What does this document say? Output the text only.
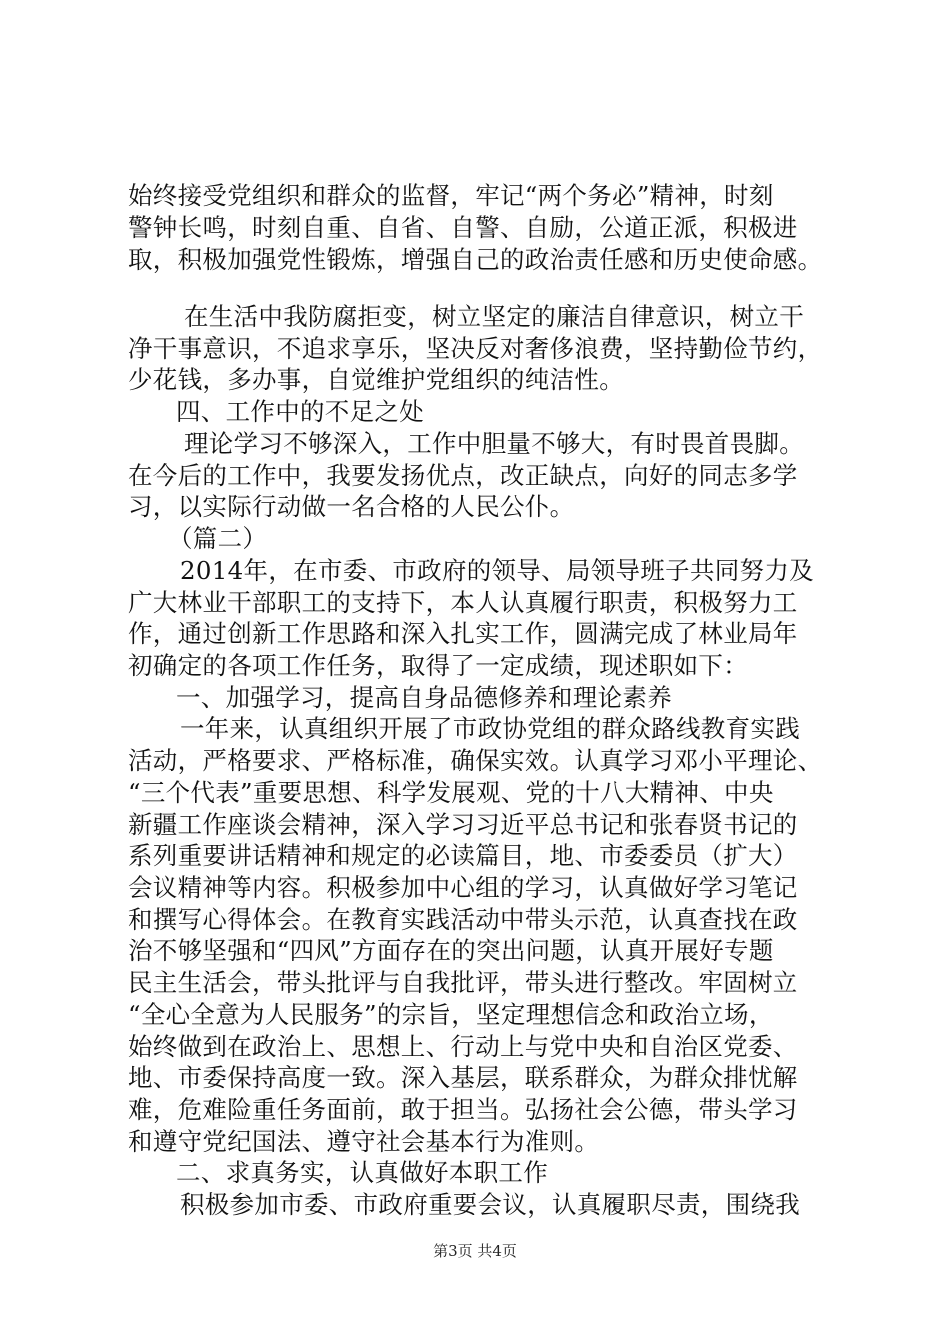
始终接受党组织和群众的监督，牢记“两个务必”精神，时刻
警钟长鸣，时刻自重、自省、自警、自励，公道正派，积极进
取，积极加强党性锻炼，增强自己的政治责任感和历史使命感。
在生活中我防腐拒变，树立坚定的廉洁自律意识，树立干
净干事意识，不追求享乐，坚决反对奢侈浪费，坚持勤俭节约，
少花钱，多办事，自觉维护党组织的纯洁性。
四、工作中的不足之处
理论学习不够深入，工作中胆量不够大，有时畏首畏脚。
在今后的工作中，我要发扬优点，改正缺点，向好的同志多学
习，以实际行动做一名合格的人民公仆。
（篇二）
2014年，在市委、市政府的领导、局领导班子共同努力及
广大林业干部职工的支持下，本人认真履行职责，积极努力工
作，通过创新工作思路和深入扎实工作，圆满完成了林业局年
初确定的各项工作任务，取得了一定成绩，现述职如下：
一、加强学习，提高自身品德修养和理论素养
一年来，认真组织开展了市政协党组的群众路线教育实践
活动，严格要求、严格标准，确保实效。认真学习邓小平理论、
“三个代表”重要思想、科学发展观、党的十八大精神、中央
新疆工作座谈会精神，深入学习习近平总书记和张春贤书记的
系列重要讲话精神和规定的必读篇目，地、市委委员（扩大）
会议精神等内容。积极参加中心组的学习，认真做好学习笔记
和撰写心得体会。在教育实践活动中带头示范，认真查找在政
治不够坚强和“四风”方面存在的突出问题，认真开展好专题
民主生活会，带头批评与自我批评，带头进行整改。牢固树立
“全心全意为人民服务”的宗旨，坚定理想信念和政治立场，
始终做到在政治上、思想上、行动上与党中央和自治区党委、
地、市委保持高度一致。深入基层，联系群众，为群众排忧解
难，危难险重任务面前，敢于担当。弘扬社会公德，带头学习
和遵守党纪国法、遵守社会基本行为准则。
二、求真务实，认真做好本职工作
积极参加市委、市政府重要会议，认真履职尽责，围绕我
第3页 共4页
